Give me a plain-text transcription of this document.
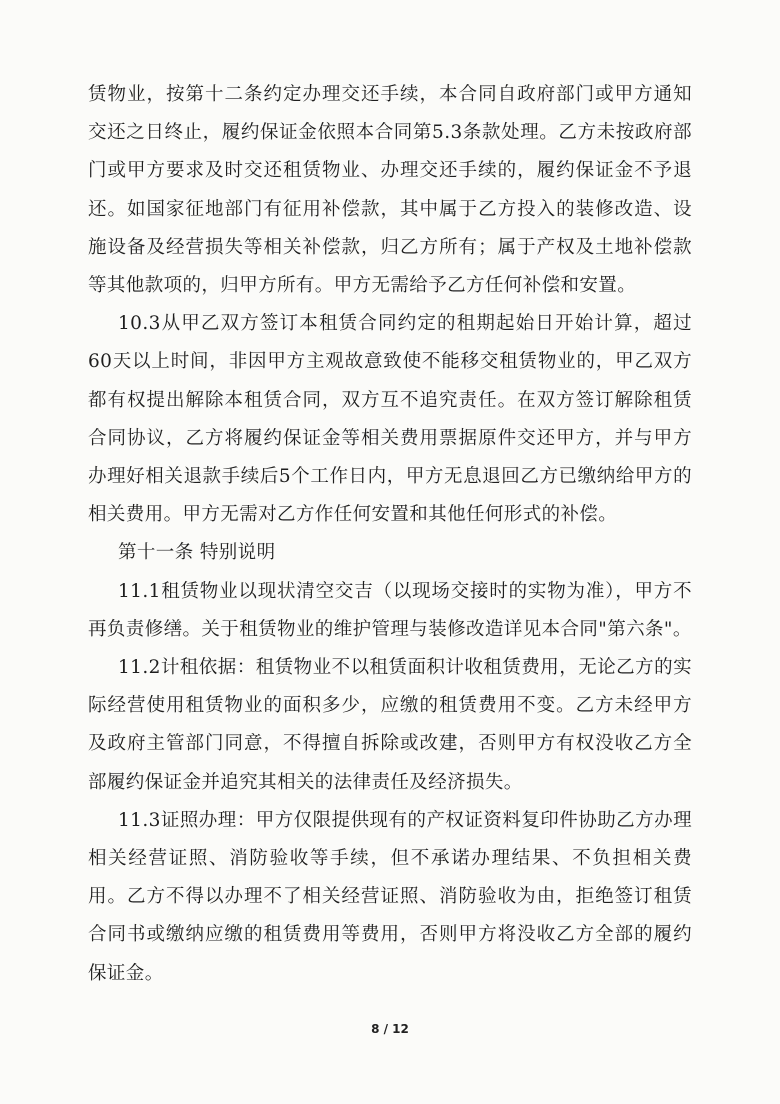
赁物业，按第十二条约定办理交还手续，本合同自政府部门或甲方通知交还之日终止，履约保证金依照本合同第5.3条款处理。乙方未按政府部门或甲方要求及时交还租赁物业、办理交还手续的，履约保证金不予退还。如国家征地部门有征用补偿款，其中属于乙方投入的装修改造、设施设备及经营损失等相关补偿款，归乙方所有；属于产权及土地补偿款等其他款项的，归甲方所有。甲方无需给予乙方任何补偿和安置。

10.3从甲乙双方签订本租赁合同约定的租期起始日开始计算，超过60天以上时间，非因甲方主观故意致使不能移交租赁物业的，甲乙双方都有权提出解除本租赁合同，双方互不追究责任。在双方签订解除租赁合同协议，乙方将履约保证金等相关费用票据原件交还甲方，并与甲方办理好相关退款手续后5个工作日内，甲方无息退回乙方已缴纳给甲方的相关费用。甲方无需对乙方作任何安置和其他任何形式的补偿。

第十一条 特别说明

11.1租赁物业以现状清空交吉（以现场交接时的实物为准），甲方不再负责修缮。关于租赁物业的维护管理与装修改造详见本合同"第六条"。

11.2计租依据：租赁物业不以租赁面积计收租赁费用，无论乙方的实际经营使用租赁物业的面积多少，应缴的租赁费用不变。乙方未经甲方及政府主管部门同意，不得擅自拆除或改建，否则甲方有权没收乙方全部履约保证金并追究其相关的法律责任及经济损失。

11.3证照办理：甲方仅限提供现有的产权证资料复印件协助乙方办理相关经营证照、消防验收等手续，但不承诺办理结果、不负担相关费用。乙方不得以办理不了相关经营证照、消防验收为由，拒绝签订租赁合同书或缴纳应缴的租赁费用等费用，否则甲方将没收乙方全部的履约保证金。

8 / 12
